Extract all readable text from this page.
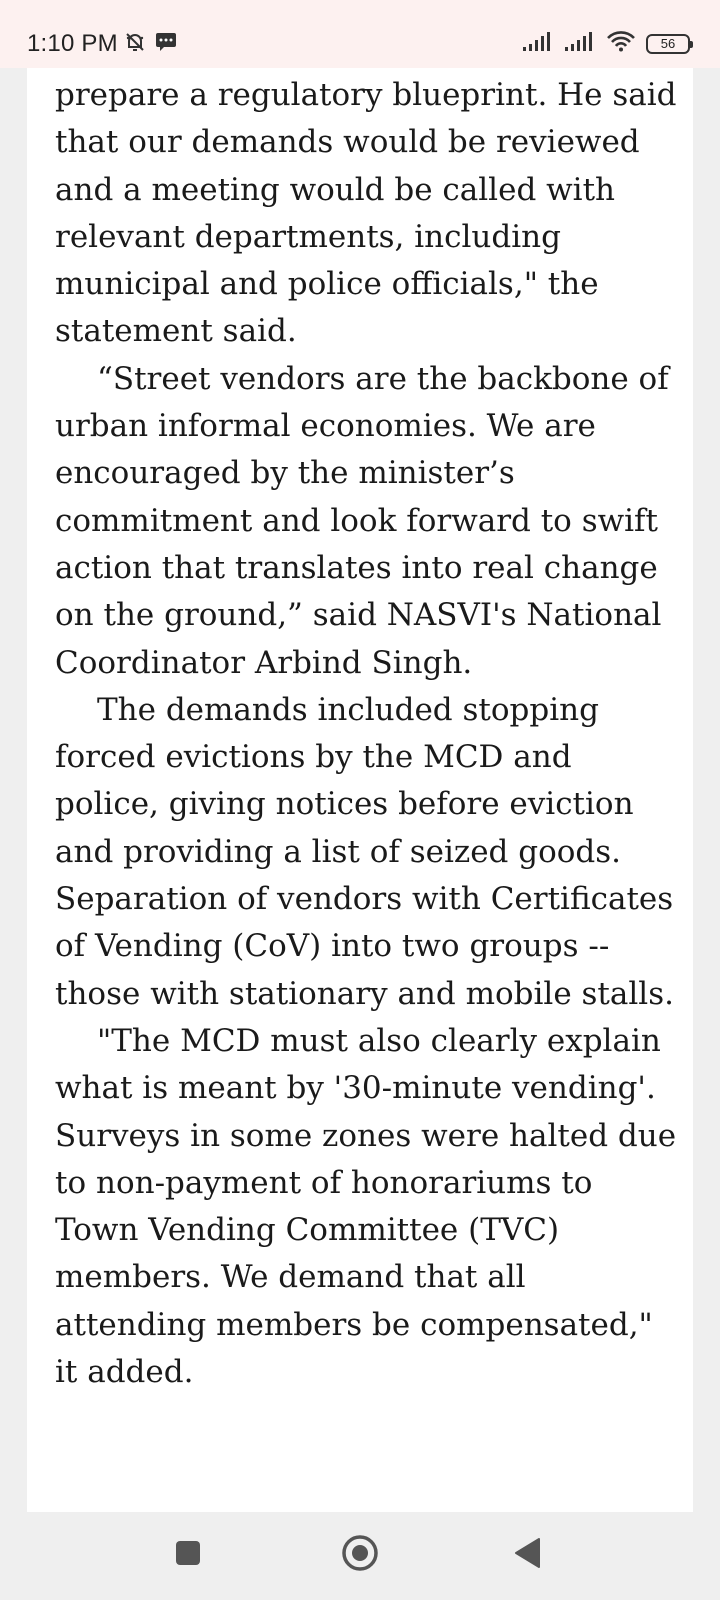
1:10 PM	56

prepare a regulatory blueprint. He said that our demands would be reviewed and a meeting would be called with relevant departments, including municipal and police officials," the statement said.

“Street vendors are the backbone of urban informal economies. We are encouraged by the minister’s commitment and look forward to swift action that translates into real change on the ground,” said NASVI's National Coordinator Arbind Singh.

The demands included stopping forced evictions by the MCD and police, giving notices before eviction and providing a list of seized goods. Separation of vendors with Certificates of Vending (CoV) into two groups -- those with stationary and mobile stalls.

"The MCD must also clearly explain what is meant by '30-minute vending'. Surveys in some zones were halted due to non-payment of honorariums to Town Vending Committee (TVC) members. We demand that all attending members be compensated," it added.
